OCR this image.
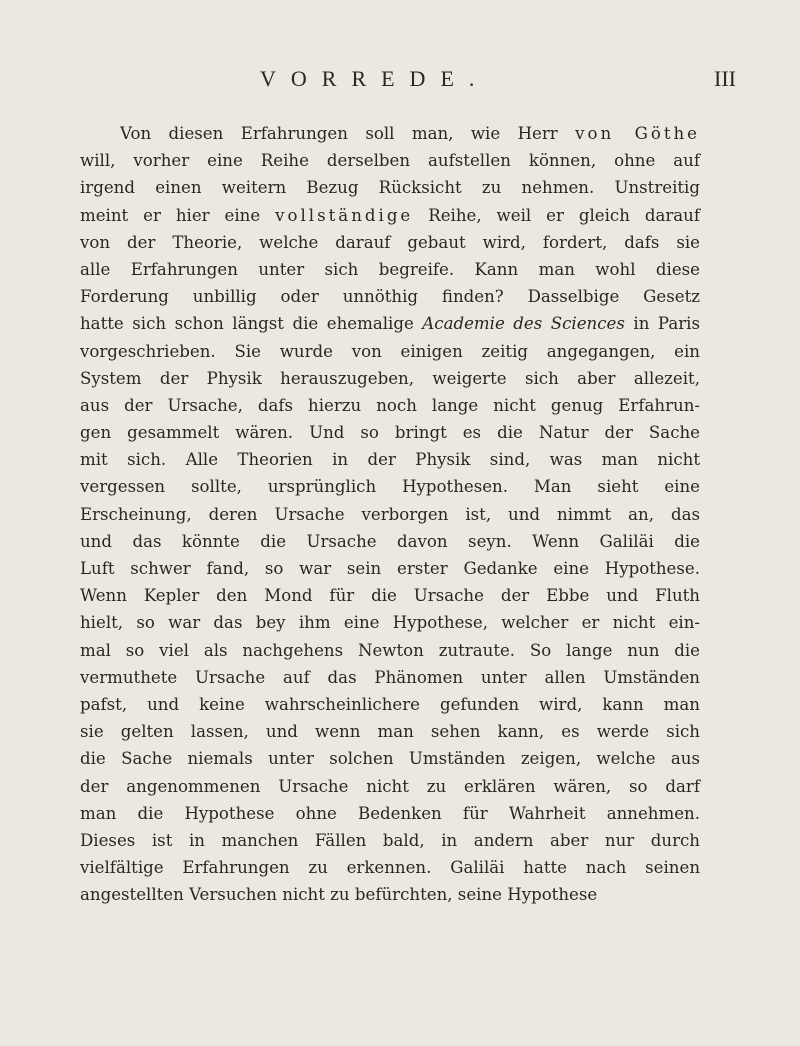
VORREDE.	III
Von diesen Erfahrungen soll man, wie Herr von Göthe
will, vorher eine Reihe derselben aufstellen können, ohne auf
irgend einen weitern Bezug Rücksicht zu nehmen. Unstreitig
meint er hier eine vollständige Reihe, weil er gleich darauf
von der Theorie, welche darauf gebaut wird, fordert, dafs sie
alle Erfahrungen unter sich begreife. Kann man wohl diese
Forderung unbillig oder unnöthig finden? Dasselbige Gesetz
hatte sich schon längst die ehemalige Academie des Sciences in Paris
vorgeschrieben. Sie wurde von einigen zeitig angegangen, ein
System der Physik herauszugeben, weigerte sich aber allezeit,
aus der Ursache, dafs hierzu noch lange nicht genug Erfahrun-
gen gesammelt wären. Und so bringt es die Natur der Sache
mit sich. Alle Theorien in der Physik sind, was man nicht
vergessen sollte, ursprünglich Hypothesen. Man sieht eine
Erscheinung, deren Ursache verborgen ist, und nimmt an, das
und das könnte die Ursache davon seyn. Wenn Galiläi die
Luft schwer fand, so war sein erster Gedanke eine Hypothese.
Wenn Kepler den Mond für die Ursache der Ebbe und Fluth
hielt, so war das bey ihm eine Hypothese, welcher er nicht ein-
mal so viel als nachgehens Newton zutraute. So lange nun die
vermuthete Ursache auf das Phänomen unter allen Umständen
pafst, und keine wahrscheinlichere gefunden wird, kann man
sie gelten lassen, und wenn man sehen kann, es werde sich
die Sache niemals unter solchen Umständen zeigen, welche aus
der angenommenen Ursache nicht zu erklären wären, so darf
man die Hypothese ohne Bedenken für Wahrheit annehmen.
Dieses ist in manchen Fällen bald, in andern aber nur durch
vielfältige Erfahrungen zu erkennen. Galiläi hatte nach seinen
angestellten Versuchen nicht zu befürchten, seine Hypothese
